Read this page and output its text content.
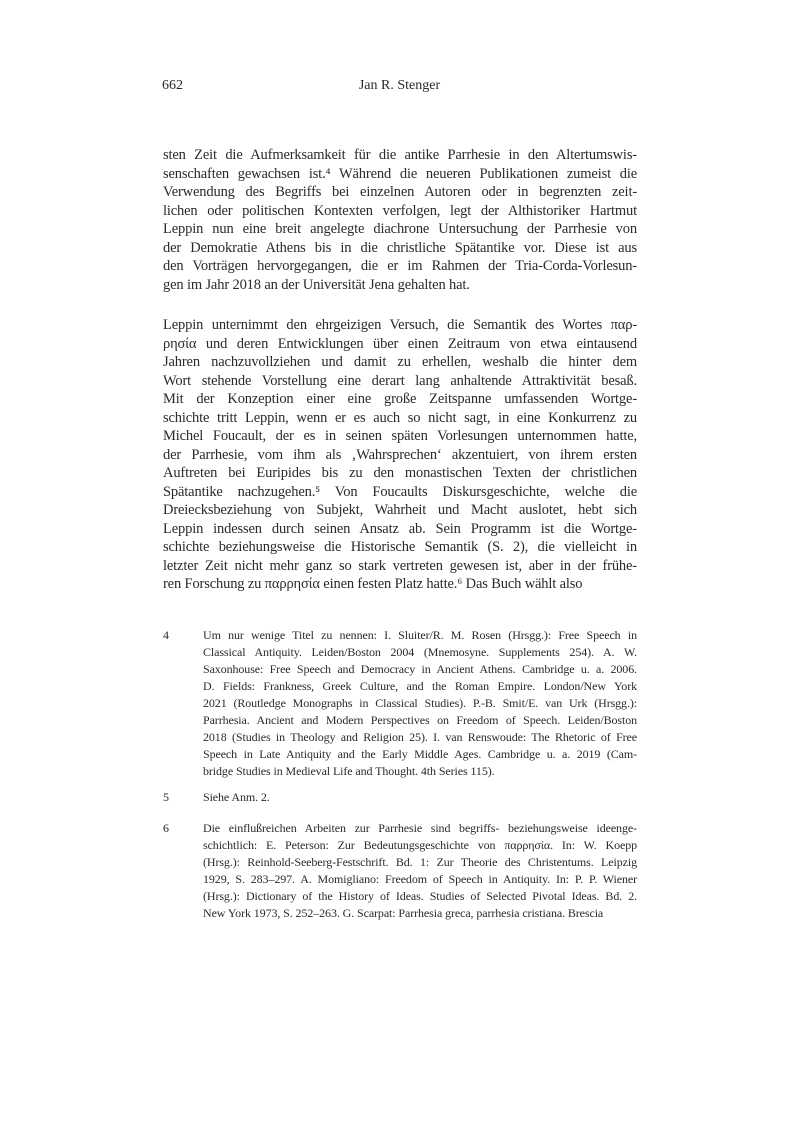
662	Jan R. Stenger
sten Zeit die Aufmerksamkeit für die antike Parrhesie in den Altertumswis-
senschaften gewachsen ist.⁴ Während die neueren Publikationen zumeist die
Verwendung des Begriffs bei einzelnen Autoren oder in begrenzten zeit-
lichen oder politischen Kontexten verfolgen, legt der Althistoriker Hartmut
Leppin nun eine breit angelegte diachrone Untersuchung der Parrhesie von
der Demokratie Athens bis in die christliche Spätantike vor. Diese ist aus
den Vorträgen hervorgegangen, die er im Rahmen der Tria-Corda-Vorlesun-
gen im Jahr 2018 an der Universität Jena gehalten hat.
Leppin unternimmt den ehrgeizigen Versuch, die Semantik des Wortes παρ-
ρησία und deren Entwicklungen über einen Zeitraum von etwa eintausend
Jahren nachzuvollziehen und damit zu erhellen, weshalb die hinter dem
Wort stehende Vorstellung eine derart lang anhaltende Attraktivität besaß.
Mit der Konzeption einer eine große Zeitspanne umfassenden Wortge-
schichte tritt Leppin, wenn er es auch so nicht sagt, in eine Konkurrenz zu
Michel Foucault, der es in seinen späten Vorlesungen unternommen hatte,
der Parrhesie, vom ihm als ‚Wahrsprechen‘ akzentuiert, von ihrem ersten
Auftreten bei Euripides bis zu den monastischen Texten der christlichen
Spätantike nachzugehen.⁵ Von Foucaults Diskursgeschichte, welche die
Dreiecksbeziehung von Subjekt, Wahrheit und Macht auslotet, hebt sich
Leppin indessen durch seinen Ansatz ab. Sein Programm ist die Wortge-
schichte beziehungsweise die Historische Semantik (S. 2), die vielleicht in
letzter Zeit nicht mehr ganz so stark vertreten gewesen ist, aber in der frühe-
ren Forschung zu παρρησία einen festen Platz hatte.⁶ Das Buch wählt also
4	Um nur wenige Titel zu nennen: I. Sluiter/R. M. Rosen (Hrsgg.): Free Speech in
Classical Antiquity. Leiden/Boston 2004 (Mnemosyne. Supplements 254). A. W.
Saxonhouse: Free Speech and Democracy in Ancient Athens. Cambridge u. a. 2006.
D. Fields: Frankness, Greek Culture, and the Roman Empire. London/New York
2021 (Routledge Monographs in Classical Studies). P.-B. Smit/E. van Urk (Hrsgg.):
Parrhesia. Ancient and Modern Perspectives on Freedom of Speech. Leiden/Boston
2018 (Studies in Theology and Religion 25). I. van Renswoude: The Rhetoric of Free
Speech in Late Antiquity and the Early Middle Ages. Cambridge u. a. 2019 (Cam-
bridge Studies in Medieval Life and Thought. 4th Series 115).
5	Siehe Anm. 2.
6	Die einflußreichen Arbeiten zur Parrhesie sind begriffs- beziehungsweise ideenge-
schichtlich: E. Peterson: Zur Bedeutungsgeschichte von παρρησία. In: W. Koepp
(Hrsg.): Reinhold-Seeberg-Festschrift. Bd. 1: Zur Theorie des Christentums. Leipzig
1929, S. 283–297. A. Momigliano: Freedom of Speech in Antiquity. In: P. P. Wiener
(Hrsg.): Dictionary of the History of Ideas. Studies of Selected Pivotal Ideas. Bd. 2.
New York 1973, S. 252–263. G. Scarpat: Parrhesia greca, parrhesia cristiana. Brescia
